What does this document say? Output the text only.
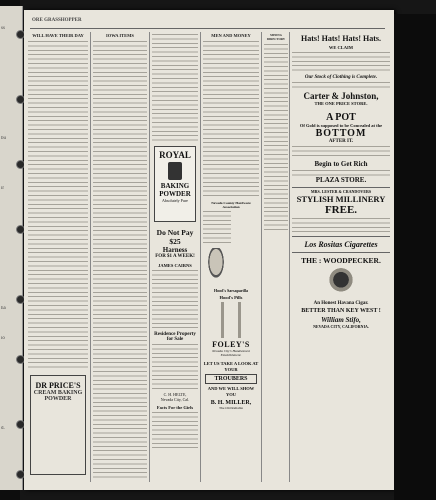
ss
bu
ir
ha
io
d.
ORE GRASSHOPPER
WILL HAVE THEIR DAY
DR PRICE'S
CREAM BAKING POWDER
IOWA ITEMS
ROYAL
BAKING
POWDER
Absolutely Pure
Do Not Pay $25
Harness
FOR $1 A WEEK!
JAMES CAIRNS
Residence Property for Sale
C. H. HELTE,
Nevada City, Cal.
Facts For the Girls
MEN AND MONEY
Nevada County Hardware Association

Hood's Sarsaparilla
Hood's Pills
FOLEY'S
Nevada City's Handsomest Establishment.
LET US TAKE A LOOK AT YOUR
TROUBERS
AND WE WILL SHOW YOU
B. H. MILLER,
The Old Reliable
MINING DIRECTORY	Hats! Hats! Hats! Hats.
WE CLAIM
Our Stock of Clothing is Complete.
Carter & Johnston,
THE ONE PRICE STORE.
A POT
Of Gold is supposed to be Concealed at the
BOTTOM
AFTER IT.
Begin to Get Rich
PLAZA STORE.
MRS. LESTER & CRANDOVERS
STYLISH MILLINERY
FREE.
Los Rositas Cigarettes
THE : WOODPECKER.
An Honest Havana Cigar.
BETTER THAN KEY WEST !
William Stifo,
NEVADA CITY, CALIFORNIA.
